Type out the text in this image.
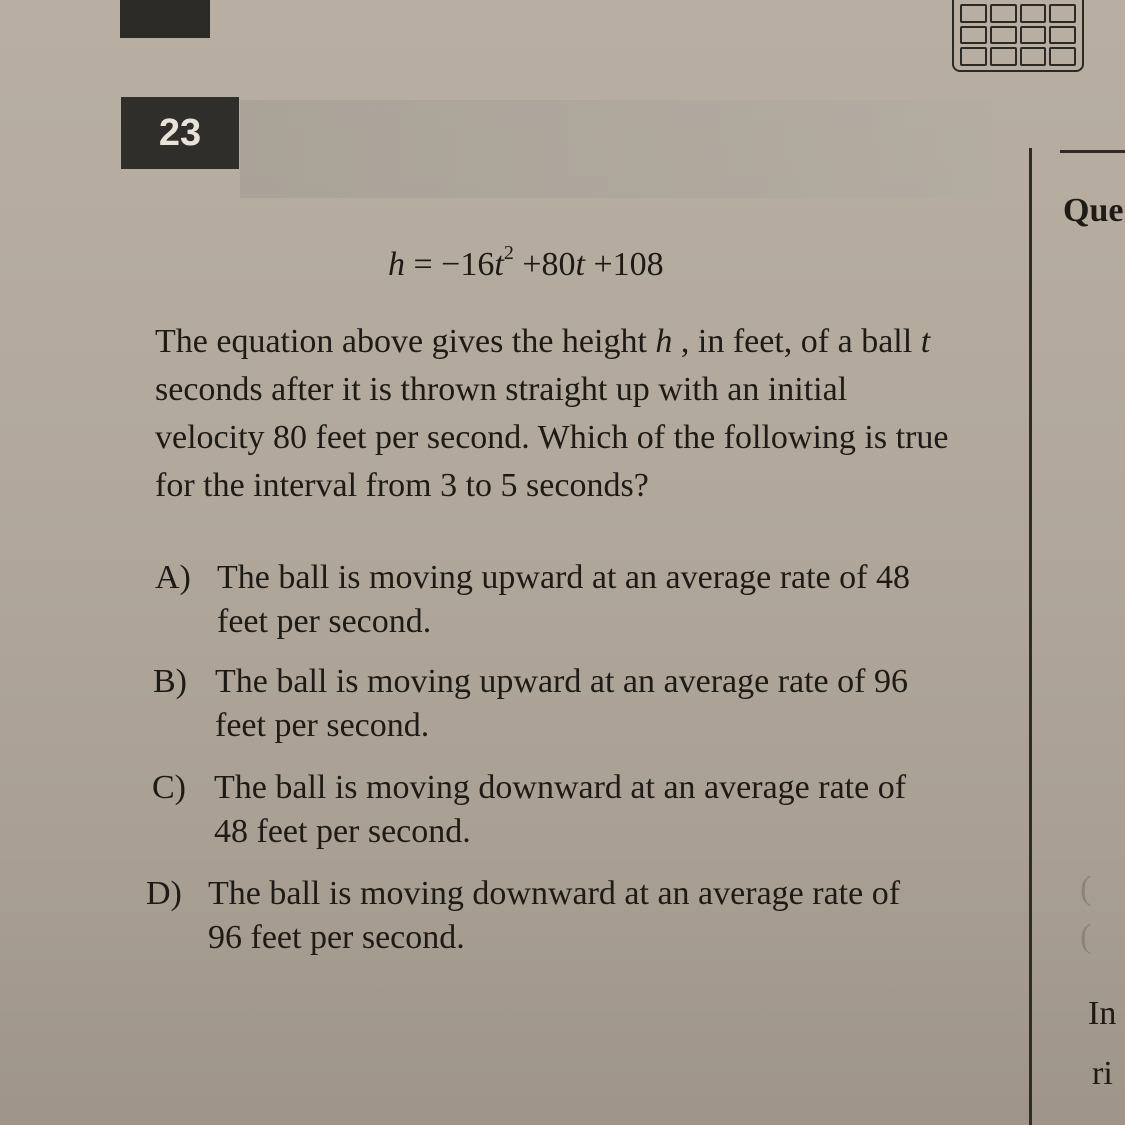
23
Que
(
(
In
ri
$h = -16t^2 +80t +108$
The equation above gives the height h , in feet, of a ball t seconds after it is thrown straight up with an initial velocity 80 feet per second. Which of the following is true for the interval from 3 to 5 seconds?
A) The ball is moving upward at an average rate of 48 feet per second.
B) The ball is moving upward at an average rate of 96 feet per second.
C) The ball is moving downward at an average rate of 48 feet per second.
D) The ball is moving downward at an average rate of 96 feet per second.
